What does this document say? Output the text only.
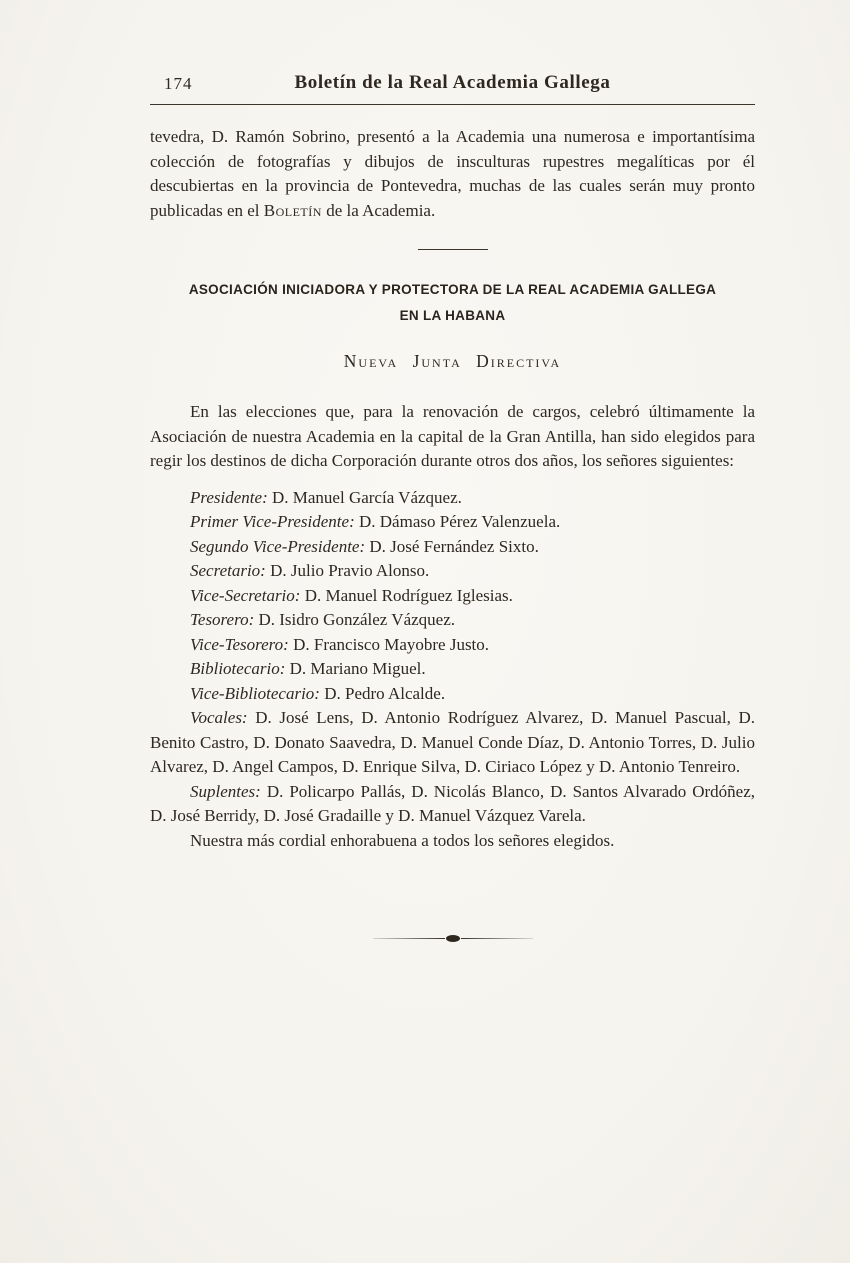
174	Boletín de la Real Academia Gallega

tevedra, D. Ramón Sobrino, presentó a la Academia una numerosa e importantísima colección de fotografías y dibujos de insculturas rupestres megalíticas por él descubiertas en la provincia de Pontevedra, muchas de las cuales serán muy pronto publicadas en el Boletín de la Academia.

ASOCIACIÓN INICIADORA Y PROTECTORA DE LA REAL ACADEMIA GALLEGA
EN LA HABANA
Nueva Junta Directiva

En las elecciones que, para la renovación de cargos, celebró últimamente la Asociación de nuestra Academia en la capital de la Gran Antilla, han sido elegidos para regir los destinos de dicha Corporación durante otros dos años, los señores siguientes:

Presidente: D. Manuel García Vázquez.

Primer Vice-Presidente: D. Dámaso Pérez Valenzuela.

Segundo Vice-Presidente: D. José Fernández Sixto.

Secretario: D. Julio Pravio Alonso.

Vice-Secretario: D. Manuel Rodríguez Iglesias.

Tesorero: D. Isidro González Vázquez.

Vice-Tesorero: D. Francisco Mayobre Justo.

Bibliotecario: D. Mariano Miguel.

Vice-Bibliotecario: D. Pedro Alcalde.

Vocales: D. José Lens, D. Antonio Rodríguez Alvarez, D. Manuel Pascual, D. Benito Castro, D. Donato Saavedra, D. Manuel Conde Díaz, D. Antonio Torres, D. Julio Alvarez, D. Angel Campos, D. Enrique Silva, D. Ciriaco López y D. Antonio Tenreiro.

Suplentes: D. Policarpo Pallás, D. Nicolás Blanco, D. Santos Alvarado Ordóñez, D. José Berridy, D. José Gradaille y D. Manuel Vázquez Varela.

Nuestra más cordial enhorabuena a todos los señores elegidos.
